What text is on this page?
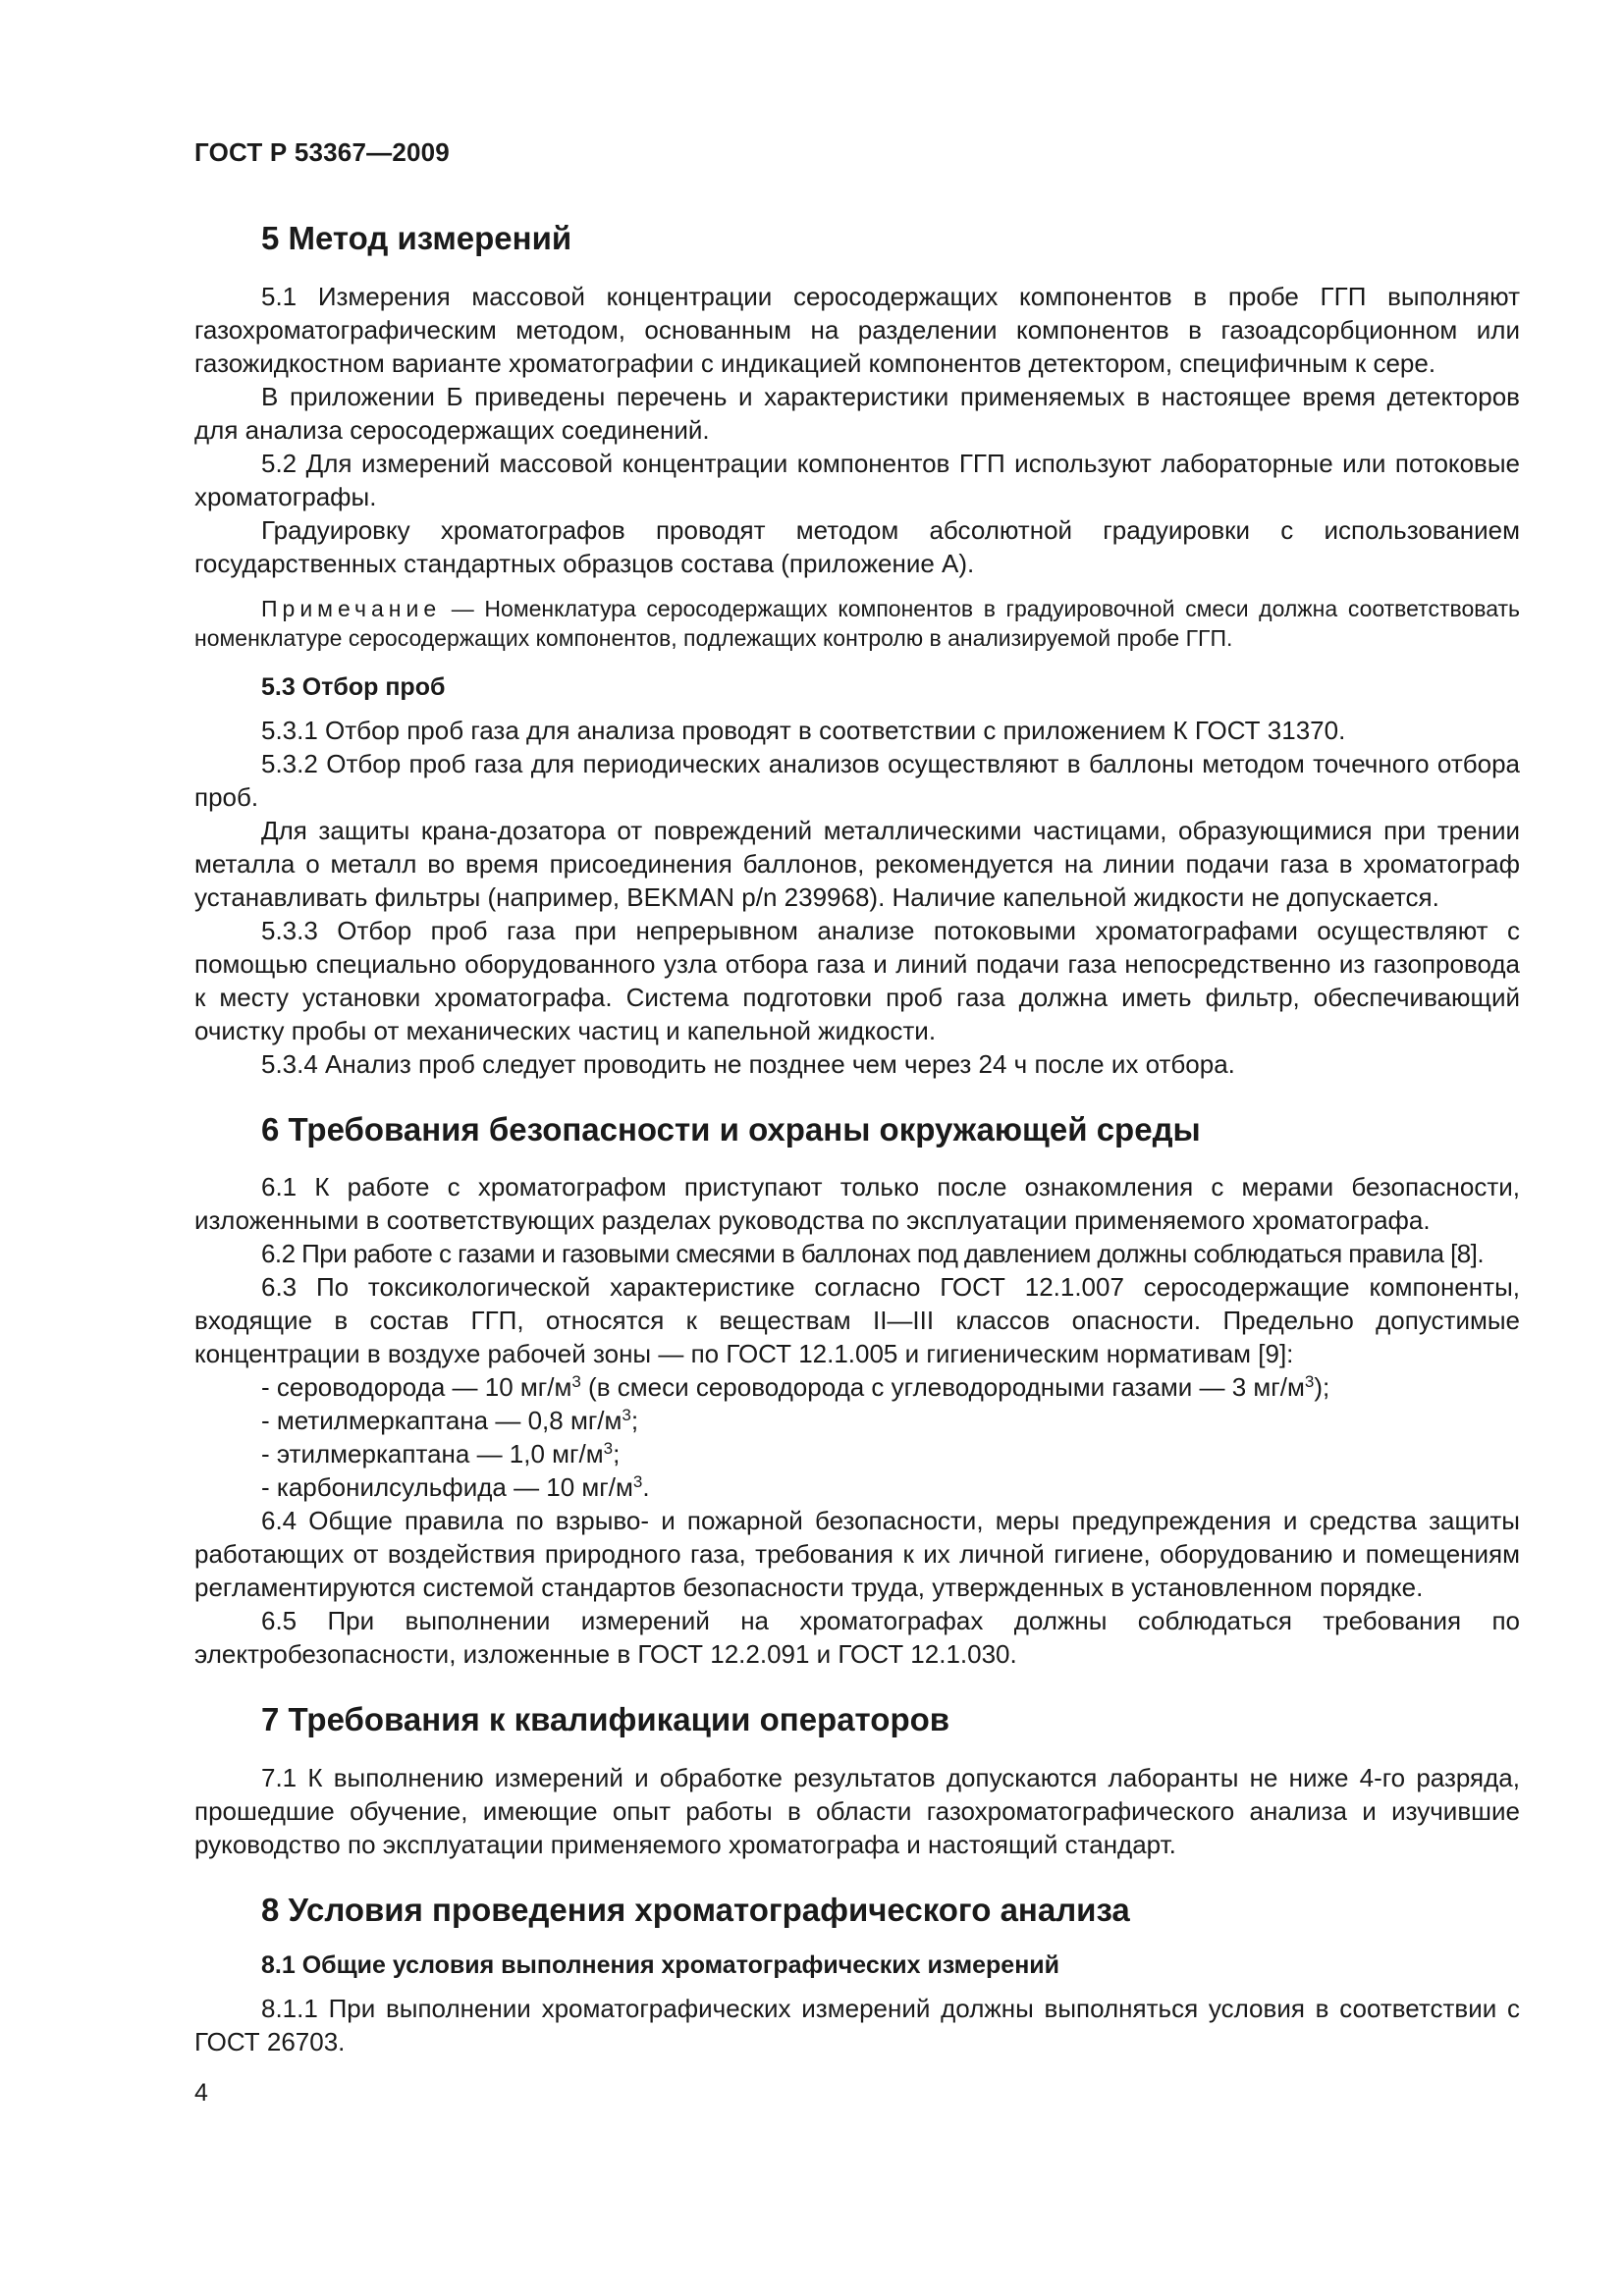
ГОСТ Р 53367—2009
5 Метод измерений

5.1 Измерения массовой концентрации серосодержащих компонентов в пробе ГГП выполняют газохроматографическим методом, основанным на разделении компонентов в газоадсорбционном или газожидкостном варианте хроматографии с индикацией компонентов детектором, специфичным к сере.

В приложении Б приведены перечень и характеристики применяемых в настоящее время детекторов для анализа серосодержащих соединений.

5.2 Для измерений массовой концентрации компонентов ГГП используют лабораторные или потоковые хроматографы.

Градуировку хроматографов проводят методом абсолютной градуировки с использованием государственных стандартных образцов состава (приложение А).

Примечание — Номенклатура серосодержащих компонентов в градуировочной смеси должна соответствовать номенклатуре серосодержащих компонентов, подлежащих контролю в анализируемой пробе ГГП.
5.3 Отбор проб

5.3.1 Отбор проб газа для анализа проводят в соответствии с приложением К ГОСТ 31370.

5.3.2 Отбор проб газа для периодических анализов осуществляют в баллоны методом точечного отбора проб.

Для защиты крана-дозатора от повреждений металлическими частицами, образующимися при трении металла о металл во время присоединения баллонов, рекомендуется на линии подачи газа в хроматограф устанавливать фильтры (например, BEKMAN p/n 239968). Наличие капельной жидкости не допускается.

5.3.3 Отбор проб газа при непрерывном анализе потоковыми хроматографами осуществляют с помощью специально оборудованного узла отбора газа и линий подачи газа непосредственно из газопровода к месту установки хроматографа. Система подготовки проб газа должна иметь фильтр, обеспечивающий очистку пробы от механических частиц и капельной жидкости.

5.3.4 Анализ проб следует проводить не позднее чем через 24 ч после их отбора.

6 Требования безопасности и охраны окружающей среды

6.1 К работе с хроматографом приступают только после ознакомления с мерами безопасности, изложенными в соответствующих разделах руководства по эксплуатации применяемого хроматографа.

6.2 При работе с газами и газовыми смесями в баллонах под давлением должны соблюдаться правила [8].

6.3 По токсикологической характеристике согласно ГОСТ 12.1.007 серосодержащие компоненты, входящие в состав ГГП, относятся к веществам II—III классов опасности. Предельно допустимые концентрации в воздухе рабочей зоны — по ГОСТ 12.1.005 и гигиеническим нормативам [9]:

- сероводорода — 10 $мг/м^3$ (в смеси сероводорода с углеводородными газами — 3 $мг/м^3$);

- метилмеркаптана — 0,8 $мг/м^3$;

- этилмеркаптана — 1,0 $мг/м^3$;

- карбонилсульфида — 10 $мг/м^3$.

6.4 Общие правила по взрыво- и пожарной безопасности, меры предупреждения и средства защиты работающих от воздействия природного газа, требования к их личной гигиене, оборудованию и помещениям регламентируются системой стандартов безопасности труда, утвержденных в установленном порядке.

6.5 При выполнении измерений на хроматографах должны соблюдаться требования по электробезопасности, изложенные в ГОСТ 12.2.091 и ГОСТ 12.1.030.

7 Требования к квалификации операторов

7.1 К выполнению измерений и обработке результатов допускаются лаборанты не ниже 4-го разряда, прошедшие обучение, имеющие опыт работы в области газохроматографического анализа и изучившие руководство по эксплуатации применяемого хроматографа и настоящий стандарт.

8 Условия проведения хроматографического анализа
8.1 Общие условия выполнения хроматографических измерений

8.1.1 При выполнении хроматографических измерений должны выполняться условия в соответствии с ГОСТ 26703.

4
